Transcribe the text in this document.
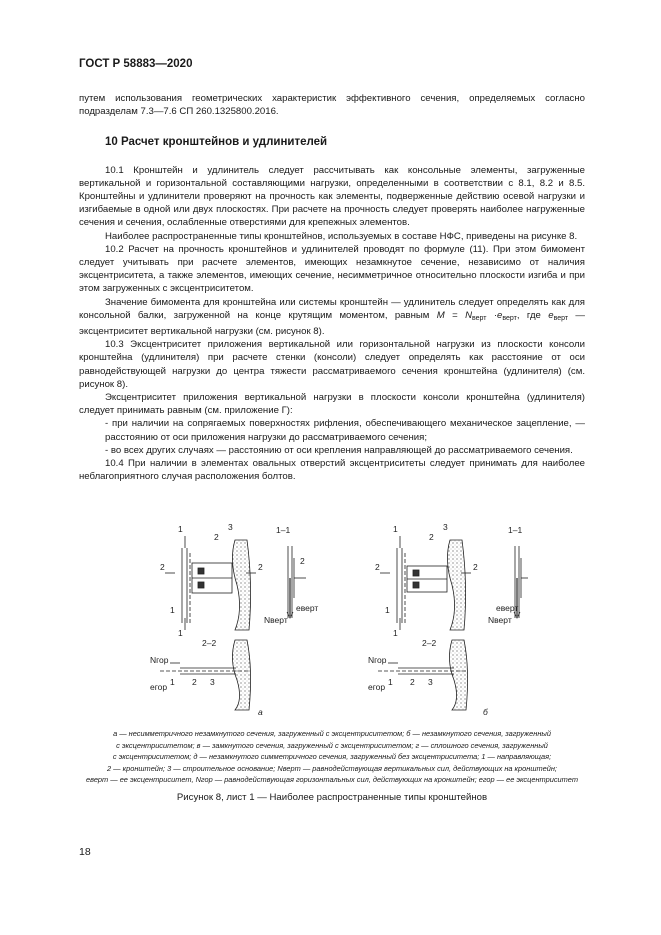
ГОСТ Р 58883—2020

путем использования геометрических характеристик эффективного сечения, определяемых согласно подразделам 7.3—7.6 СП 260.1325800.2016.

10 Расчет кронштейнов и удлинителей

10.1 Кронштейн и удлинитель следует рассчитывать как консольные элементы, загруженные вертикальной и горизонтальной составляющими нагрузки, определенными в соответствии с 8.1, 8.2 и 8.5. Кронштейны и удлинители проверяют на прочность как элементы, подверженные действию осевой нагрузки и изгибаемые в одной или двух плоскостях. При расчете на прочность следует проверять наиболее нагруженные сечения и сечения, ослабленные отверстиями для крепежных элементов.

Наиболее распространенные типы кронштейнов, используемых в составе НФС, приведены на рисунке 8.

10.2 Расчет на прочность кронштейнов и удлинителей проводят по формуле (11). При этом бимомент следует учитывать при расчете элементов, имеющих незамкнутое сечение, независимо от наличия эксцентриситета, а также элементов, имеющих сечение, несимметричное относительно плоскости изгиба и при этом загруженных с эксцентриситетом.

Значение бимомента для кронштейна или системы кронштейн — удлинитель следует определять как для консольной балки, загруженной на конце крутящим моментом, равным $M = N_{верт} \cdot e_{верт}$, где $e_{верт}$ — эксцентриситет вертикальной нагрузки (см. рисунок 8).

10.3 Эксцентриситет приложения вертикальной или горизонтальной нагрузки из плоскости консоли кронштейна (удлинителя) при расчете стенки (консоли) следует определять как расстояние от оси равнодействующей нагрузки до центра тяжести рассматриваемого сечения кронштейна (удлинителя) (см. рисунок 8).

Эксцентриситет приложения вертикальной нагрузки в плоскости консоли кронштейна (удлинителя) следует принимать равным (см. приложение Г):

- при наличии на сопрягаемых поверхностях рифления, обеспечивающего механическое зацепление, — расстоянию от оси приложения нагрузки до рассматриваемого сечения;

- во всех других случаях — расстоянию от оси крепления направляющей до рассматриваемого сечения.

10.4 При наличии в элементах овальных отверстий эксцентриситеты следует принимать для наиболее неблагоприятного случая расположения болтов.

1
1
2	2
2
3
1
1–1
Nверт
eверт
2
2–2
Nгор
eгор 1 2 3
1
1
2	2
2
3
1
1–1
Nверт
eверт
2–2
Nгор
eгор 1 2 3
а	б
а — несимметричного незамкнутого сечения, загруженный с эксцентриситетом; б — незамкнутого сечения, загруженный
с эксцентриситетом; в — замкнутого сечения, загруженный с эксцентриситетом; г — сплошного сечения, загруженный
с эксцентриситетом; д — незамкнутого симметричного сечения, загруженный без эксцентриситета; 1 — направляющая;
2 — кронштейн; 3 — строительное основание; Nверт — равнодействующая вертикальных сил, действующих на кронштейн;
eверт — ее эксцентриситет, Nгор — равнодействующая горизонтальных сил, действующих на кронштейн; eгор — ее эксцентриситет
Рисунок 8, лист 1 — Наиболее распространенные типы кронштейнов
18
